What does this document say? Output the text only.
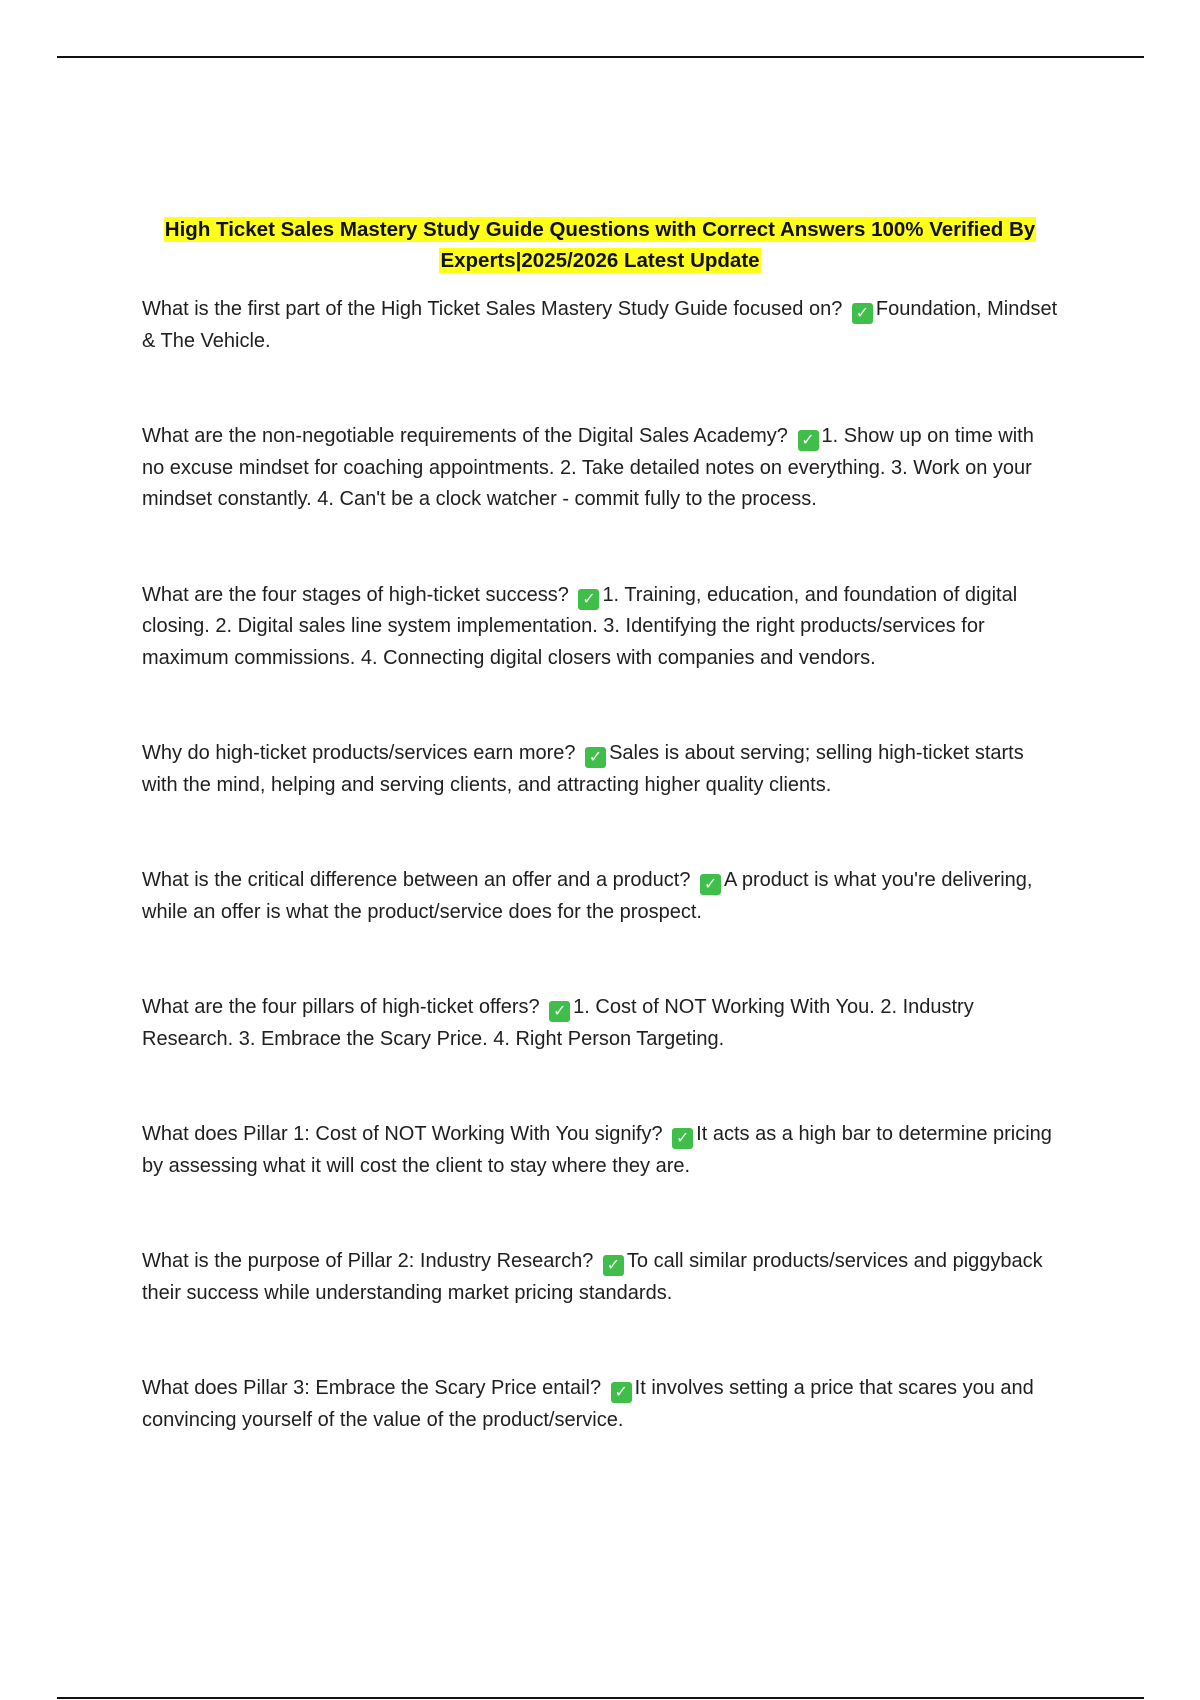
High Ticket Sales Mastery Study Guide Questions with Correct Answers 100% Verified By
Experts|2025/2026 Latest Update

What is the first part of the High Ticket Sales Mastery Study Guide focused on? ✓ Foundation, Mindset & The Vehicle.

What are the non-negotiable requirements of the Digital Sales Academy? ✓ 1. Show up on time with no excuse mindset for coaching appointments. 2. Take detailed notes on everything. 3. Work on your mindset constantly. 4. Can't be a clock watcher - commit fully to the process.

What are the four stages of high-ticket success? ✓ 1. Training, education, and foundation of digital closing. 2. Digital sales line system implementation. 3. Identifying the right products/services for maximum commissions. 4. Connecting digital closers with companies and vendors.

Why do high-ticket products/services earn more? ✓ Sales is about serving; selling high-ticket starts with the mind, helping and serving clients, and attracting higher quality clients.

What is the critical difference between an offer and a product? ✓ A product is what you're delivering, while an offer is what the product/service does for the prospect.

What are the four pillars of high-ticket offers? ✓ 1. Cost of NOT Working With You. 2. Industry Research. 3. Embrace the Scary Price. 4. Right Person Targeting.

What does Pillar 1: Cost of NOT Working With You signify? ✓ It acts as a high bar to determine pricing by assessing what it will cost the client to stay where they are.

What is the purpose of Pillar 2: Industry Research? ✓ To call similar products/services and piggyback their success while understanding market pricing standards.

What does Pillar 3: Embrace the Scary Price entail? ✓ It involves setting a price that scares you and convincing yourself of the value of the product/service.
